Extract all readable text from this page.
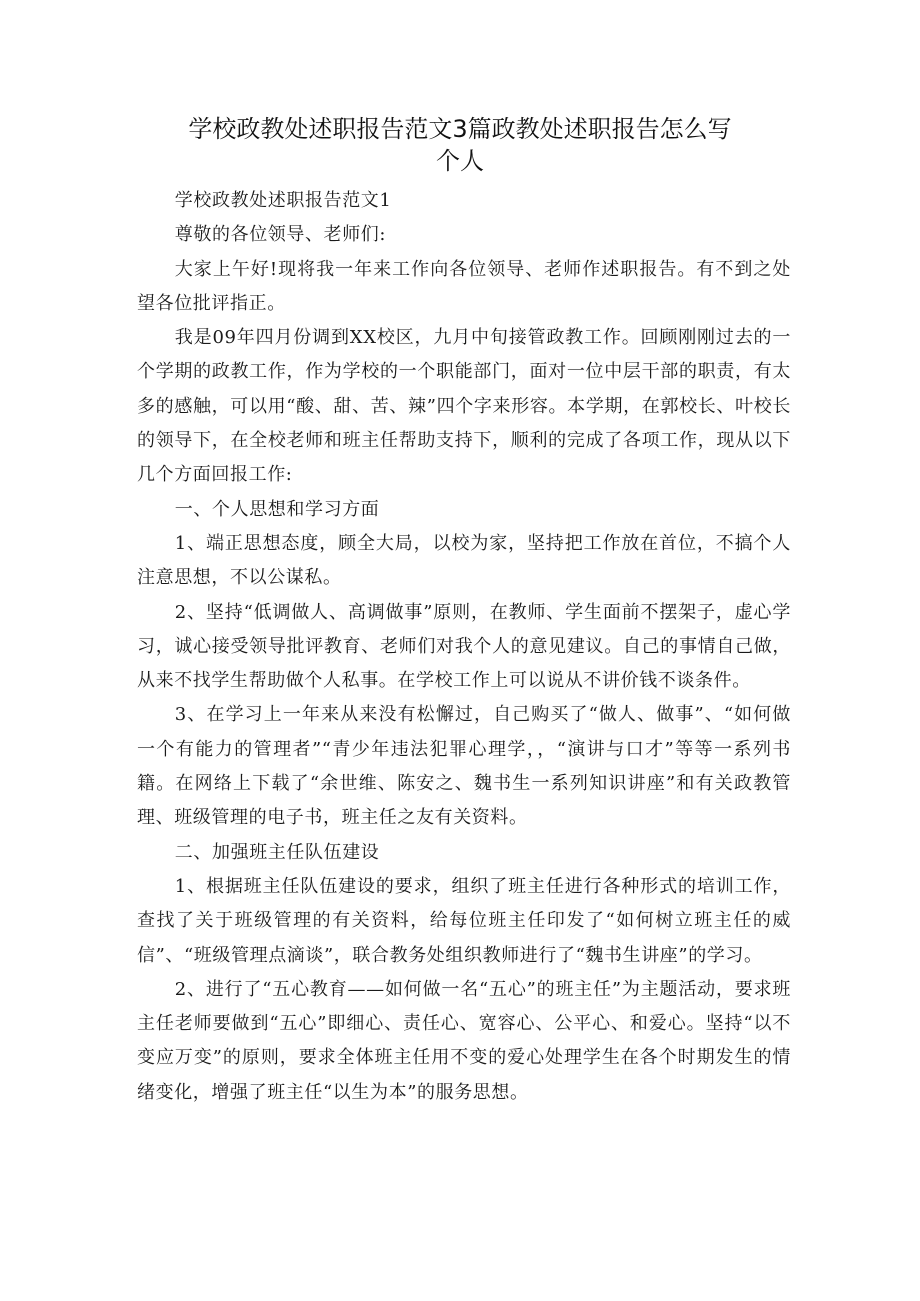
学校政教处述职报告范文3篇政教处述职报告怎么写
个人

学校政教处述职报告范文1

尊敬的各位领导、老师们:

大家上午好!现将我一年来工作向各位领导、老师作述职报告。有不到之处望各位批评指正。

我是09年四月份调到XX校区，九月中旬接管政教工作。回顾刚刚过去的一个学期的政教工作，作为学校的一个职能部门，面对一位中层干部的职责，有太多的感触，可以用“酸、甜、苦、辣”四个字来形容。本学期，在郭校长、叶校长的领导下，在全校老师和班主任帮助支持下，顺利的完成了各项工作，现从以下几个方面回报工作:

一、个人思想和学习方面

1、端正思想态度，顾全大局，以校为家，坚持把工作放在首位，不搞个人注意思想，不以公谋私。

2、坚持“低调做人、高调做事”原则，在教师、学生面前不摆架子，虚心学习，诚心接受领导批评教育、老师们对我个人的意见建议。自己的事情自己做，从来不找学生帮助做个人私事。在学校工作上可以说从不讲价钱不谈条件。

3、在学习上一年来从来没有松懈过，自己购买了“做人、做事”、“如何做一个有能力的管理者”“青少年违法犯罪心理学，，“演讲与口才”等等一系列书籍。在网络上下载了“余世维、陈安之、魏书生一系列知识讲座”和有关政教管理、班级管理的电子书，班主任之友有关资料。

二、加强班主任队伍建设

1、根据班主任队伍建设的要求，组织了班主任进行各种形式的培训工作，查找了关于班级管理的有关资料，给每位班主任印发了“如何树立班主任的威信”、“班级管理点滴谈”，联合教务处组织教师进行了“魏书生讲座”的学习。

2、进行了“五心教育——如何做一名“五心”的班主任”为主题活动，要求班主任老师要做到“五心”即细心、责任心、宽容心、公平心、和爱心。坚持“以不变应万变”的原则，要求全体班主任用不变的爱心处理学生在各个时期发生的情绪变化，增强了班主任“以生为本”的服务思想。
